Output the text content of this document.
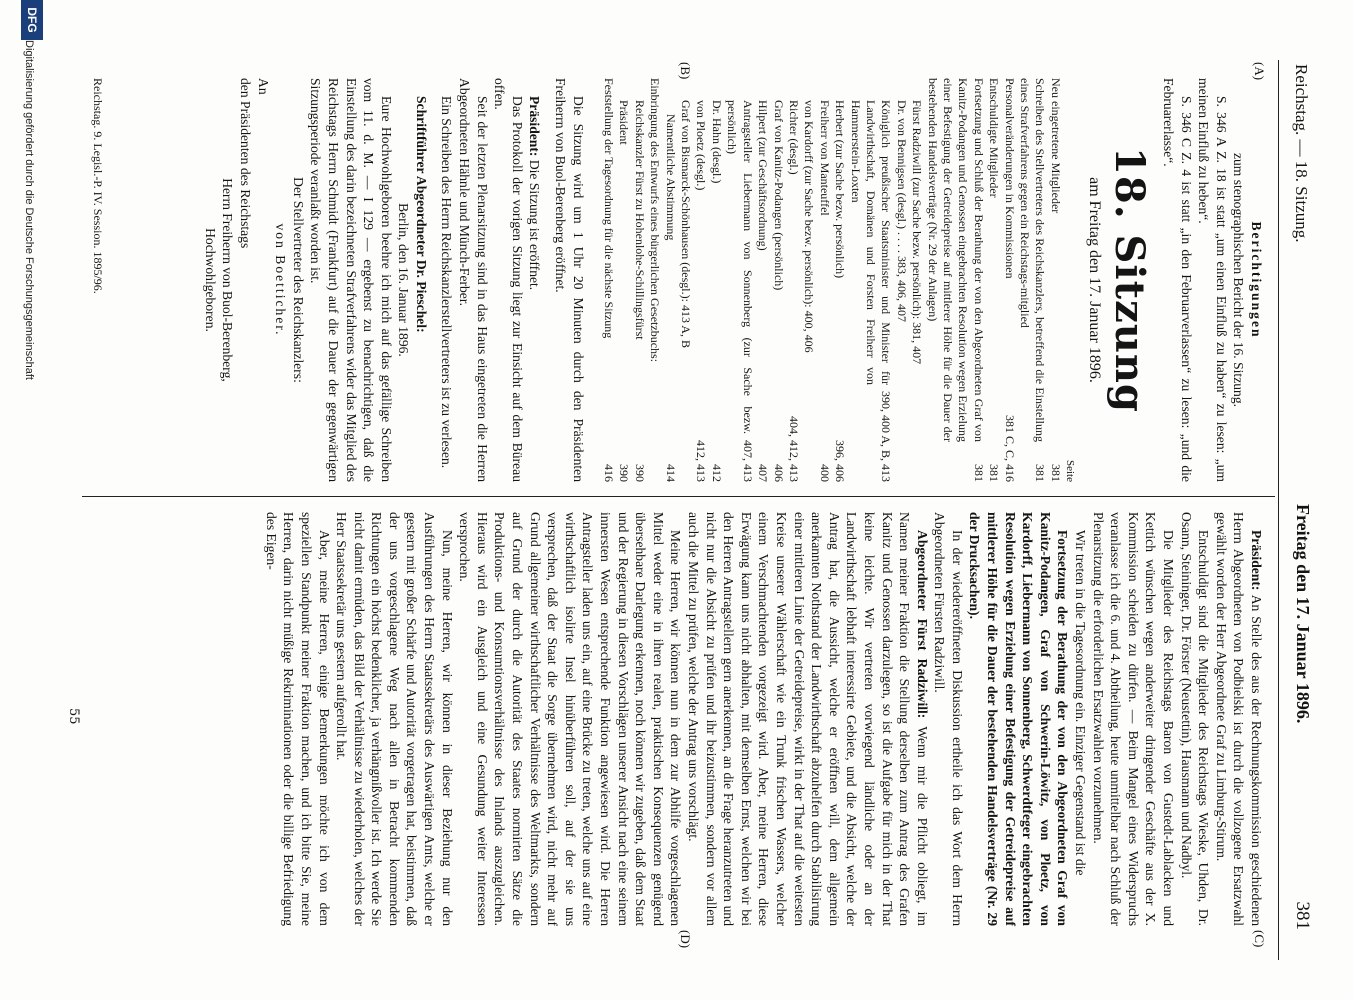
Reichstag. — 18. Sitzung.
Freitag den 17. Januar 1896.
381
(A)
(B)
(C)
(D)

Berichtigungen

zum stenographischen Bericht der 16. Sitzung.

S. 346 A Z. 18 ist statt „um einen Einfluß zu haben“ zu lesen: „um meinen Einfluß zu heben“.

S. 346 C Z. 4 ist statt „in den Februarverlassen“ zu lesen: „und die Februarerlasse“.

18. Sitzung
am Freitag den 17. Januar 1896.
Seite
Neu eingetretene Mitglieder
381
Schreiben des Stellvertreters des Reichskanzlers, betreffend die Einstellung eines Strafverfahrens gegen ein Reichstags-mitglied
381
Personalveränderungen in Kommissionen
381 C, C, 416
Entschuldigte Mitglieder
381
Fortsetzung und Schluß der Berathung der von den Abgeordneten Graf von Kanitz-Podangen und Genossen eingebrachten Resolution wegen Erzielung einer Befestigung der Getreidepreise auf mittlerer Höhe für die Dauer der bestehenden Handelsverträge (Nr. 29 der Anlagen)
381
Fürst Radziwill (zur Sache bezw. persönlich): 381, 407
Dr. von Bennigsen (desgl.) . . . . 383, 406, 407
Königlich preußischer Staatsminister und Minister für Landwirthschaft, Domänen und Forsten Freiherr von Hammerstein-Loxten
390, 400 A, B, 413
Herbert (zur Sache bezw. persönlich)
396, 406
Freiherr von Manteuffel
400
von Kardorff (zur Sache bezw. persönlich): 400, 406
Richter (desgl.)
404, 412, 413
Graf von Kanitz-Podangen (persönlich)
406
Hilpert (zur Geschäftsordnung)
407
Antragsteller Liebermann von Sonnenberg (zur Sache bezw. persönlich)
407, 413
Dr. Hahn (desgl.)
412
von Ploetz (desgl.)
412, 413
Graf von Bismarck-Schönhausen (desgl.): 413 A, B
Namentliche Abstimmung
414
Einbringung des Entwurfs eines bürgerlichen Gesetzbuchs:
Reichskanzler Fürst zu Hohenlohe-Schillingsfürst
390
Präsident
390
Feststellung der Tagesordnung für die nächste Sitzung
416

Die Sitzung wird um 1 Uhr 20 Minuten durch den Präsidenten Freiherrn von Buol-Berenberg eröffnet.

Präsident: Die Sitzung ist eröffnet.

Das Protokoll der vorigen Sitzung liegt zur Einsicht auf dem Büreau offen.

Seit der letzten Plenarsitzung sind in das Haus eingetreten die Herren Abgeordneten Hähnle und Münch-Ferber.

Ein Schreiben des Herrn Reichskanzlerstellvertreters ist zu verlesen.

Schriftführer Abgeordneter Dr. Pieschel:

Berlin, den 16. Januar 1896.

Eure Hochwohlgeboren beehre ich mich auf das gefällige Schreiben vom 11. d. M. — I 129 — ergebenst zu benachrichtigen, daß die Einstellung des darin bezeichneten Strafverfahrens wider das Mitglied des Reichstags Herrn Schmidt (Frankfurt) auf die Dauer der gegenwärtigen Sitzungsperiode veranlaßt worden ist.

Der Stellvertreter des Reichskanzlers:

von Boetticher.

An

den Präsidenten des Reichstags

Herrn Freiherrn von Buol-Berenberg,

Hochwohlgeboren.

Reichstag. 9. Legisl.-P. IV. Session. 1895/96.
55

Präsident: An Stelle des aus der Rechnungskommission geschiedenen Herrn Abgeordneten von Podbielski ist durch die vollzogene Ersatzwahl gewählt worden der Herr Abgeordnete Graf zu Limburg-Stirum.

Entschuldigt sind die Mitglieder des Reichstags Wieske, Uhden, Dr. Osann, Steininger, Dr. Förster (Neustettin), Hausmann und Nadbyl.

Die Mitglieder des Reichstags Baron von Gustedt-Lablacken und Kettich wünschen wegen anderweiter dringender Geschäfte aus der X. Kommission scheiden zu dürfen. — Beim Mangel eines Widerspruchs veranlasse ich die 6. und 4. Abtheilung, heute unmittelbar nach Schluß der Plenarsitzung die erforderlichen Ersatzwahlen vorzunehmen.

Wir treten in die Tagesordnung ein. Einziger Gegenstand ist die

Fortsetzung der Berathung der von den Abgeordneten Graf von Kanitz-Podangen, Graf von Schwerin-Löwitz, von Ploetz, von Kardorff, Liebermann von Sonnenberg, Schwerdtfeger eingebrachten Resolution wegen Erzielung einer Befestigung der Getreidepreise auf mittlerer Höhe für die Dauer der bestehenden Handelsverträge (Nr. 29 der Drucksachen).

In der wiedereröffneten Diskussion ertheile ich das Wort dem Herrn Abgeordneten Fürsten Radziwill.

Abgeordneter Fürst Radziwill: Wenn mir die Pflicht obliegt, im Namen meiner Fraktion die Stellung derselben zum Antrag des Grafen Kanitz und Genossen darzulegen, so ist die Aufgabe für mich in der That keine leichte. Wir vertreten vorwiegend ländliche oder an der Landwirthschaft lebhaft interessirte Gebiete, und die Absicht, welche der Antrag hat, die Aussicht, welche er eröffnen will, dem allgemein anerkannten Nothstand der Landwirthschaft abzuhelfen durch Stabilisirung einer mittleren Linie der Getreidepreise, wirkt in der That auf die weitesten Kreise unserer Wählerschaft wie ein Trunk frischen Wassers, welcher einem Verschmachtenden vorgezeigt wird. Aber, meine Herren, diese Erwägung kann uns nicht abhalten, mit demselben Ernst, welchen wir bei den Herren Antragstellern gern anerkennen, an die Frage heranzutreten und nicht nur die Absicht zu prüfen und ihr beizustimmen, sondern vor allem auch die Mittel zu prüfen, welche der Antrag uns vorschlägt.

Meine Herren, wir können nun in dem zur Abhilfe vorgeschlagenen Mittel weder eine in ihren realen, praktischen Konsequenzen genügend übersehbare Darlegung erkennen, noch können wir zugeben, daß dem Staat und der Regierung in diesen Vorschlägen unserer Ansicht nach eine seinem innersten Wesen entsprechende Funktion angewiesen wird. Die Herren Antragsteller laden uns ein, auf eine Brücke zu treten, welche uns auf eine wirthschaftlich isolirte Insel hinüberführen soll, auf der sie uns versprechen, daß der Staat die Sorge übernehmen wird, nicht mehr auf Grund allgemeiner wirthschaftlicher Verhältnisse des Weltmarkts, sondern auf Grund der durch die Autorität des Staates normirten Sätze die Produktions- und Konsumtionsverhältnisse des Inlands auszugleichen. Hieraus wird ein Ausgleich und eine Gesundung weiter Interessen versprochen.

Nun, meine Herren, wir können in dieser Beziehung nur den Ausführungen des Herrn Staatssekretärs des Auswärtigen Amts, welche er gestern mit großer Schärfe und Autorität vorgetragen hat, beistimmen, daß der uns vorgeschlagene Weg nach allen in Betracht kommenden Richtungen ein höchst bedenklicher, ja verhängnißvoller ist. Ich werde Sie nicht damit ermüden, das Bild der Verhältnisse zu wiederholen, welches der Herr Staatssekretär uns gestern aufgerollt hat.

Aber, meine Herren, einige Bemerkungen möchte ich von dem speziellen Standpunkt meiner Fraktion machen, und ich bitte Sie, meine Herren, darin nicht müßige Rekriminationen oder die billige Befriedigung des Eigen-

DFG
Digitalisierung gefördert durch die Deutsche Forschungsgemeinschaft
